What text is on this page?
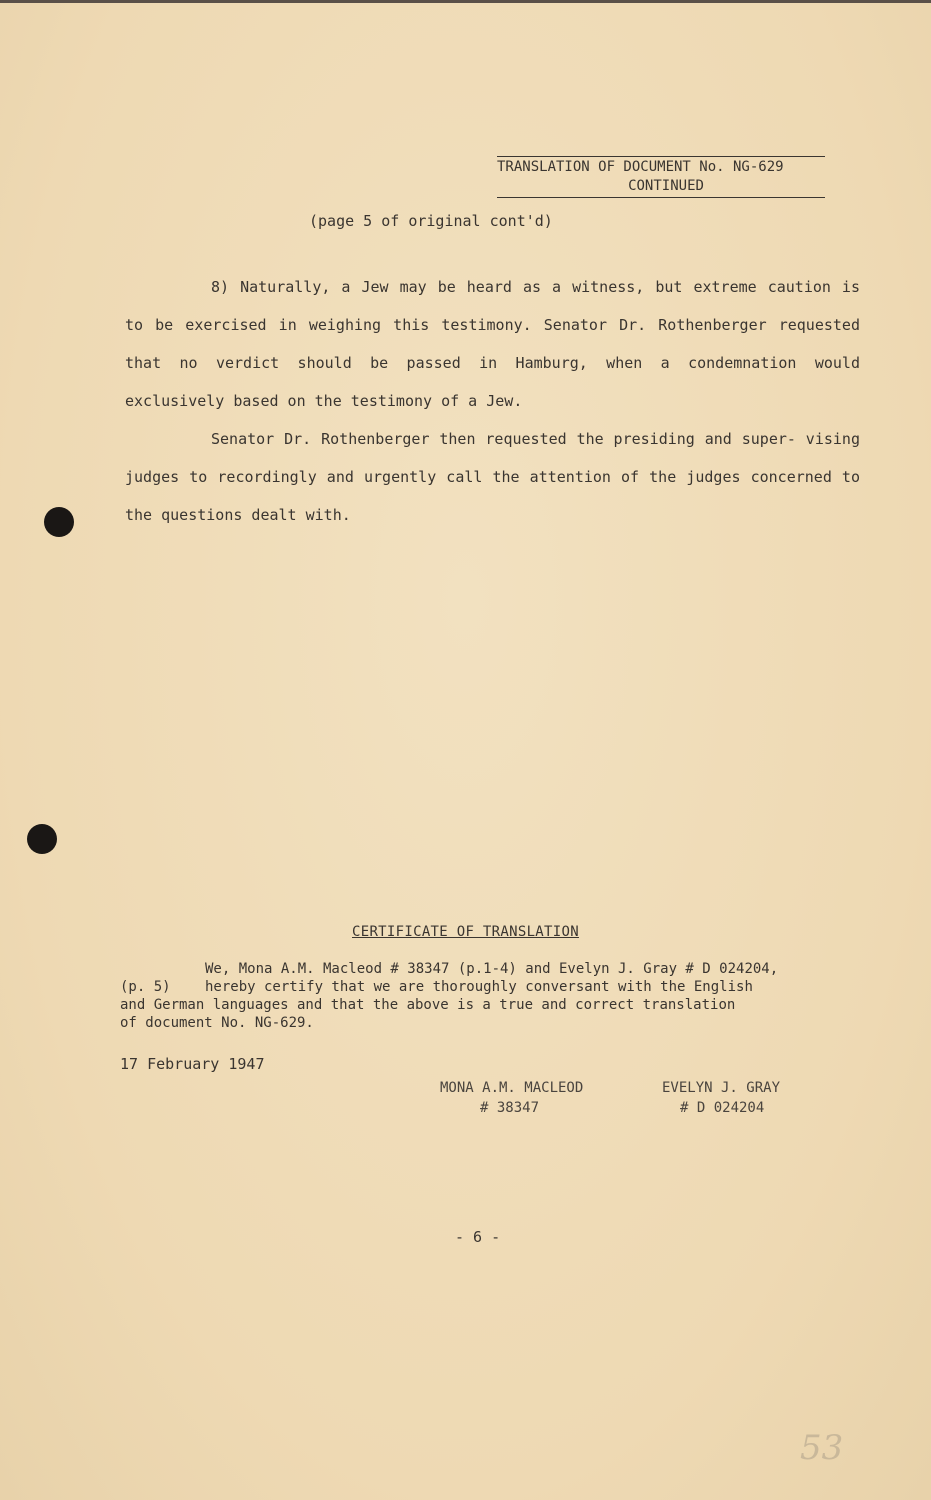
TRANSLATION OF DOCUMENT No. NG-629
CONTINUED
(page 5 of original cont'd)

8) Naturally, a Jew may be heard as a witness, but extreme caution is to be exercised in weighing this testimony. Senator Dr. Rothenberger requested that no verdict should be passed in Hamburg, when a condemnation would exclusively based on the testimony of a Jew.

Senator Dr. Rothenberger then requested the presiding and super- vising judges to recordingly and urgently call the attention of the judges concerned to the questions dealt with.

CERTIFICATE OF TRANSLATION
We, Mona A.M. Macleod # 38347 (p.1-4) and Evelyn J. Gray # D 024204,
(p. 5)	hereby certify that we are thoroughly conversant with the English
and German languages and that the above is a true and correct translation
of document No. NG-629.
17 February 1947
MONA A.M. MACLEOD
# 38347
EVELYN J. GRAY
# D 024204
- 6 -
53
